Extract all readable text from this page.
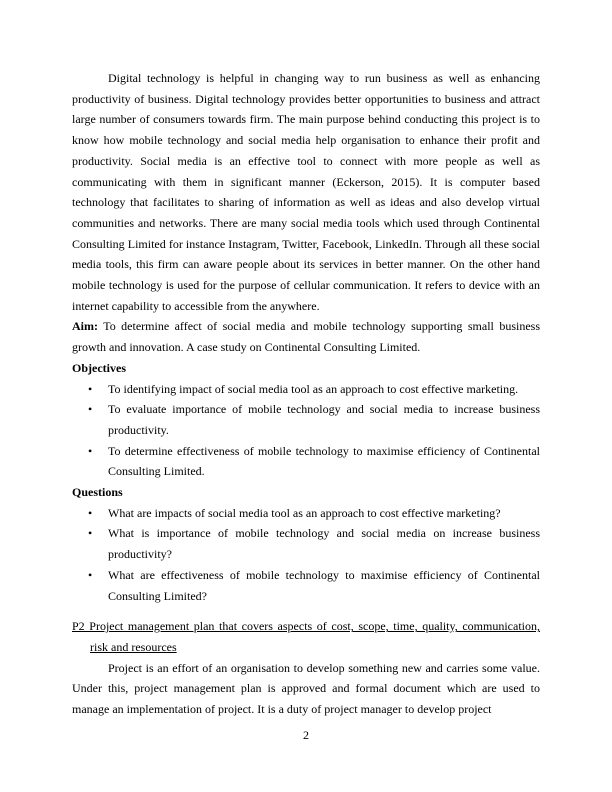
Digital technology is helpful in changing way to run business as well as enhancing productivity of business. Digital technology provides better opportunities to business and attract large number of consumers towards firm. The main purpose behind conducting this project is to know how mobile technology and social media help organisation to enhance their profit and productivity. Social media is an effective tool to connect with more people as well as communicating with them in significant manner (Eckerson, 2015). It is computer based technology that facilitates to sharing of information as well as ideas and also develop virtual communities and networks. There are many social media tools which used through Continental Consulting Limited for instance Instagram, Twitter, Facebook, LinkedIn. Through all these social media tools, this firm can aware people about its services in better manner. On the other hand mobile technology is used for the purpose of cellular communication. It refers to device with an internet capability to accessible from the anywhere.

Aim: To determine affect of social media and mobile technology supporting small business growth and innovation. A case study on Continental Consulting Limited.

Objectives

• To identifying impact of social media tool as an approach to cost effective marketing.
• To evaluate importance of mobile technology and social media to increase business productivity.
• To determine effectiveness of mobile technology to maximise efficiency of Continental Consulting Limited.

Questions

• What are impacts of social media tool as an approach to cost effective marketing?
• What is importance of mobile technology and social media on increase business productivity?
• What are effectiveness of mobile technology to maximise efficiency of Continental Consulting Limited?

P2 Project management plan that covers aspects of cost, scope, time, quality, communication, risk and resources

Project is an effort of an organisation to develop something new and carries some value. Under this, project management plan is approved and formal document which are used to manage an implementation of project. It is a duty of project manager to develop project

2
